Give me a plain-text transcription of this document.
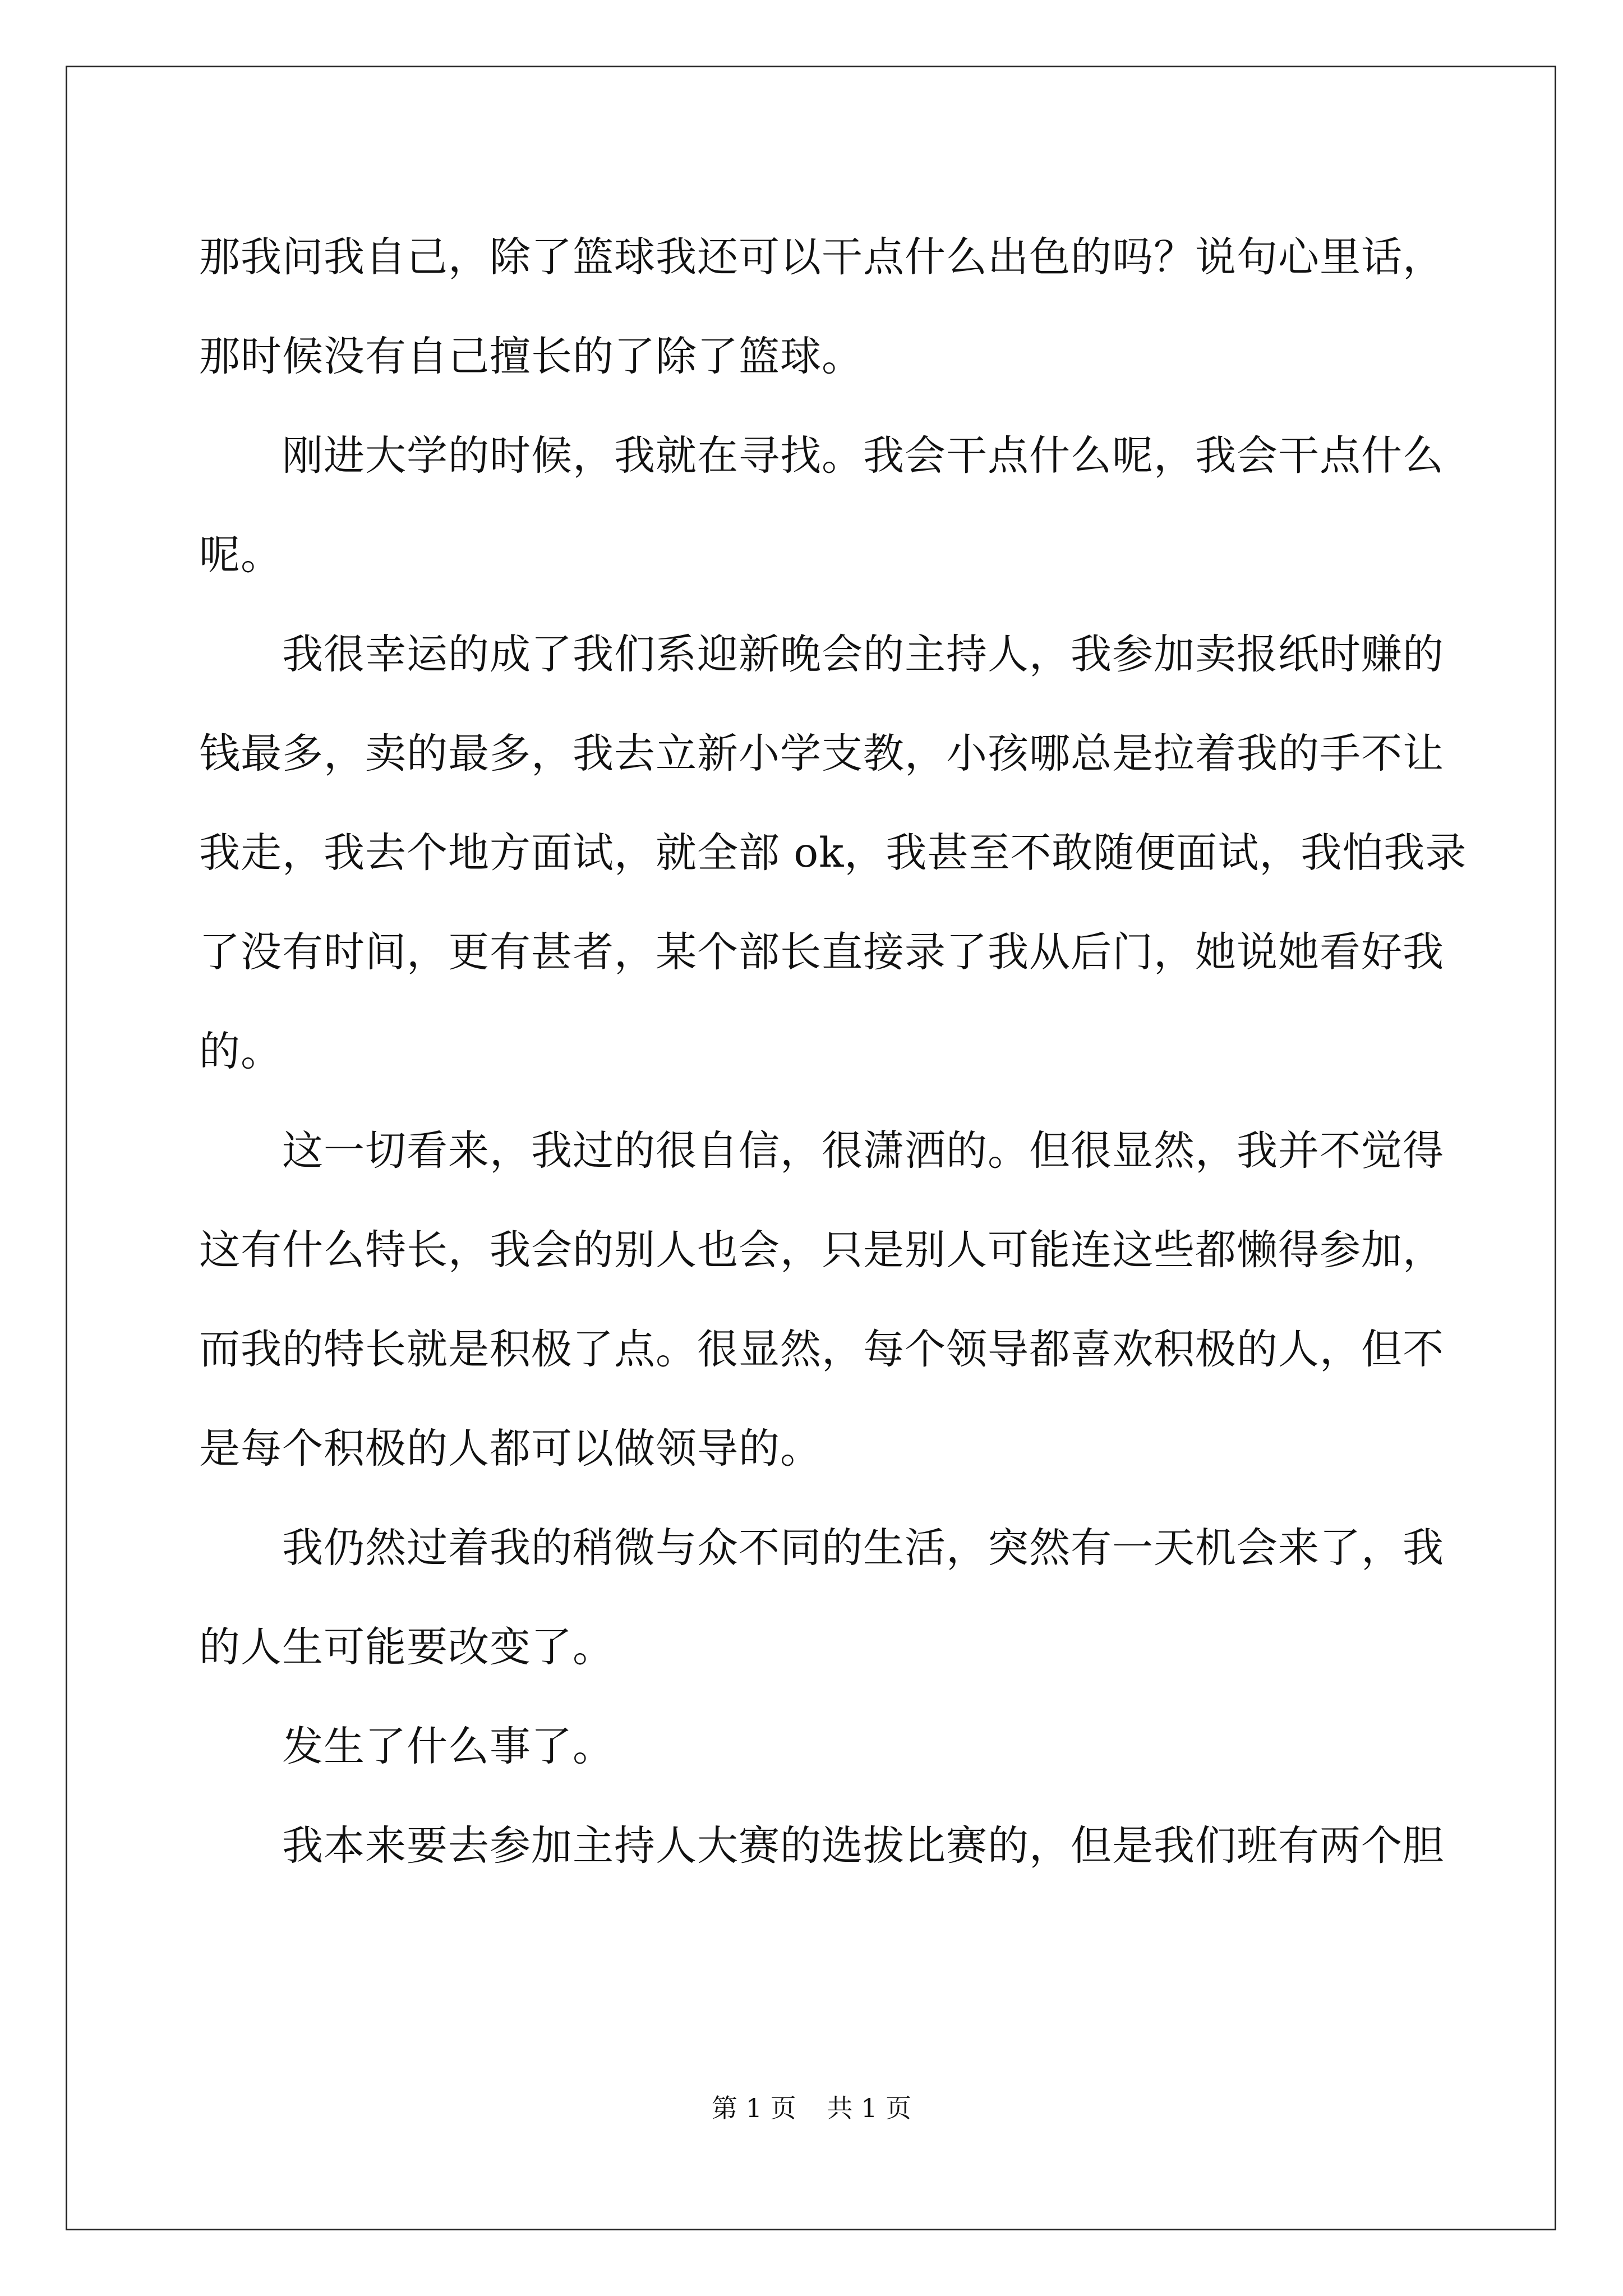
那我问我自己，除了篮球我还可以干点什么出色的吗？说句心里话，
那时候没有自己擅长的了除了篮球。
刚进大学的时候，我就在寻找。我会干点什么呢，我会干点什么
呢。
我很幸运的成了我们系迎新晚会的主持人，我参加卖报纸时赚的
钱最多，卖的最多，我去立新小学支教，小孩哪总是拉着我的手不让
我走，我去个地方面试，就全部 ok，我甚至不敢随便面试，我怕我录
了没有时间，更有甚者，某个部长直接录了我从后门，她说她看好我
的。
这一切看来，我过的很自信，很潇洒的。但很显然，我并不觉得
这有什么特长，我会的别人也会，只是别人可能连这些都懒得参加，
而我的特长就是积极了点。很显然，每个领导都喜欢积极的人，但不
是每个积极的人都可以做领导的。
我仍然过着我的稍微与众不同的生活，突然有一天机会来了，我
的人生可能要改变了。
发生了什么事了。
我本来要去参加主持人大赛的选拔比赛的，但是我们班有两个胆
第 1 页 共 1 页
